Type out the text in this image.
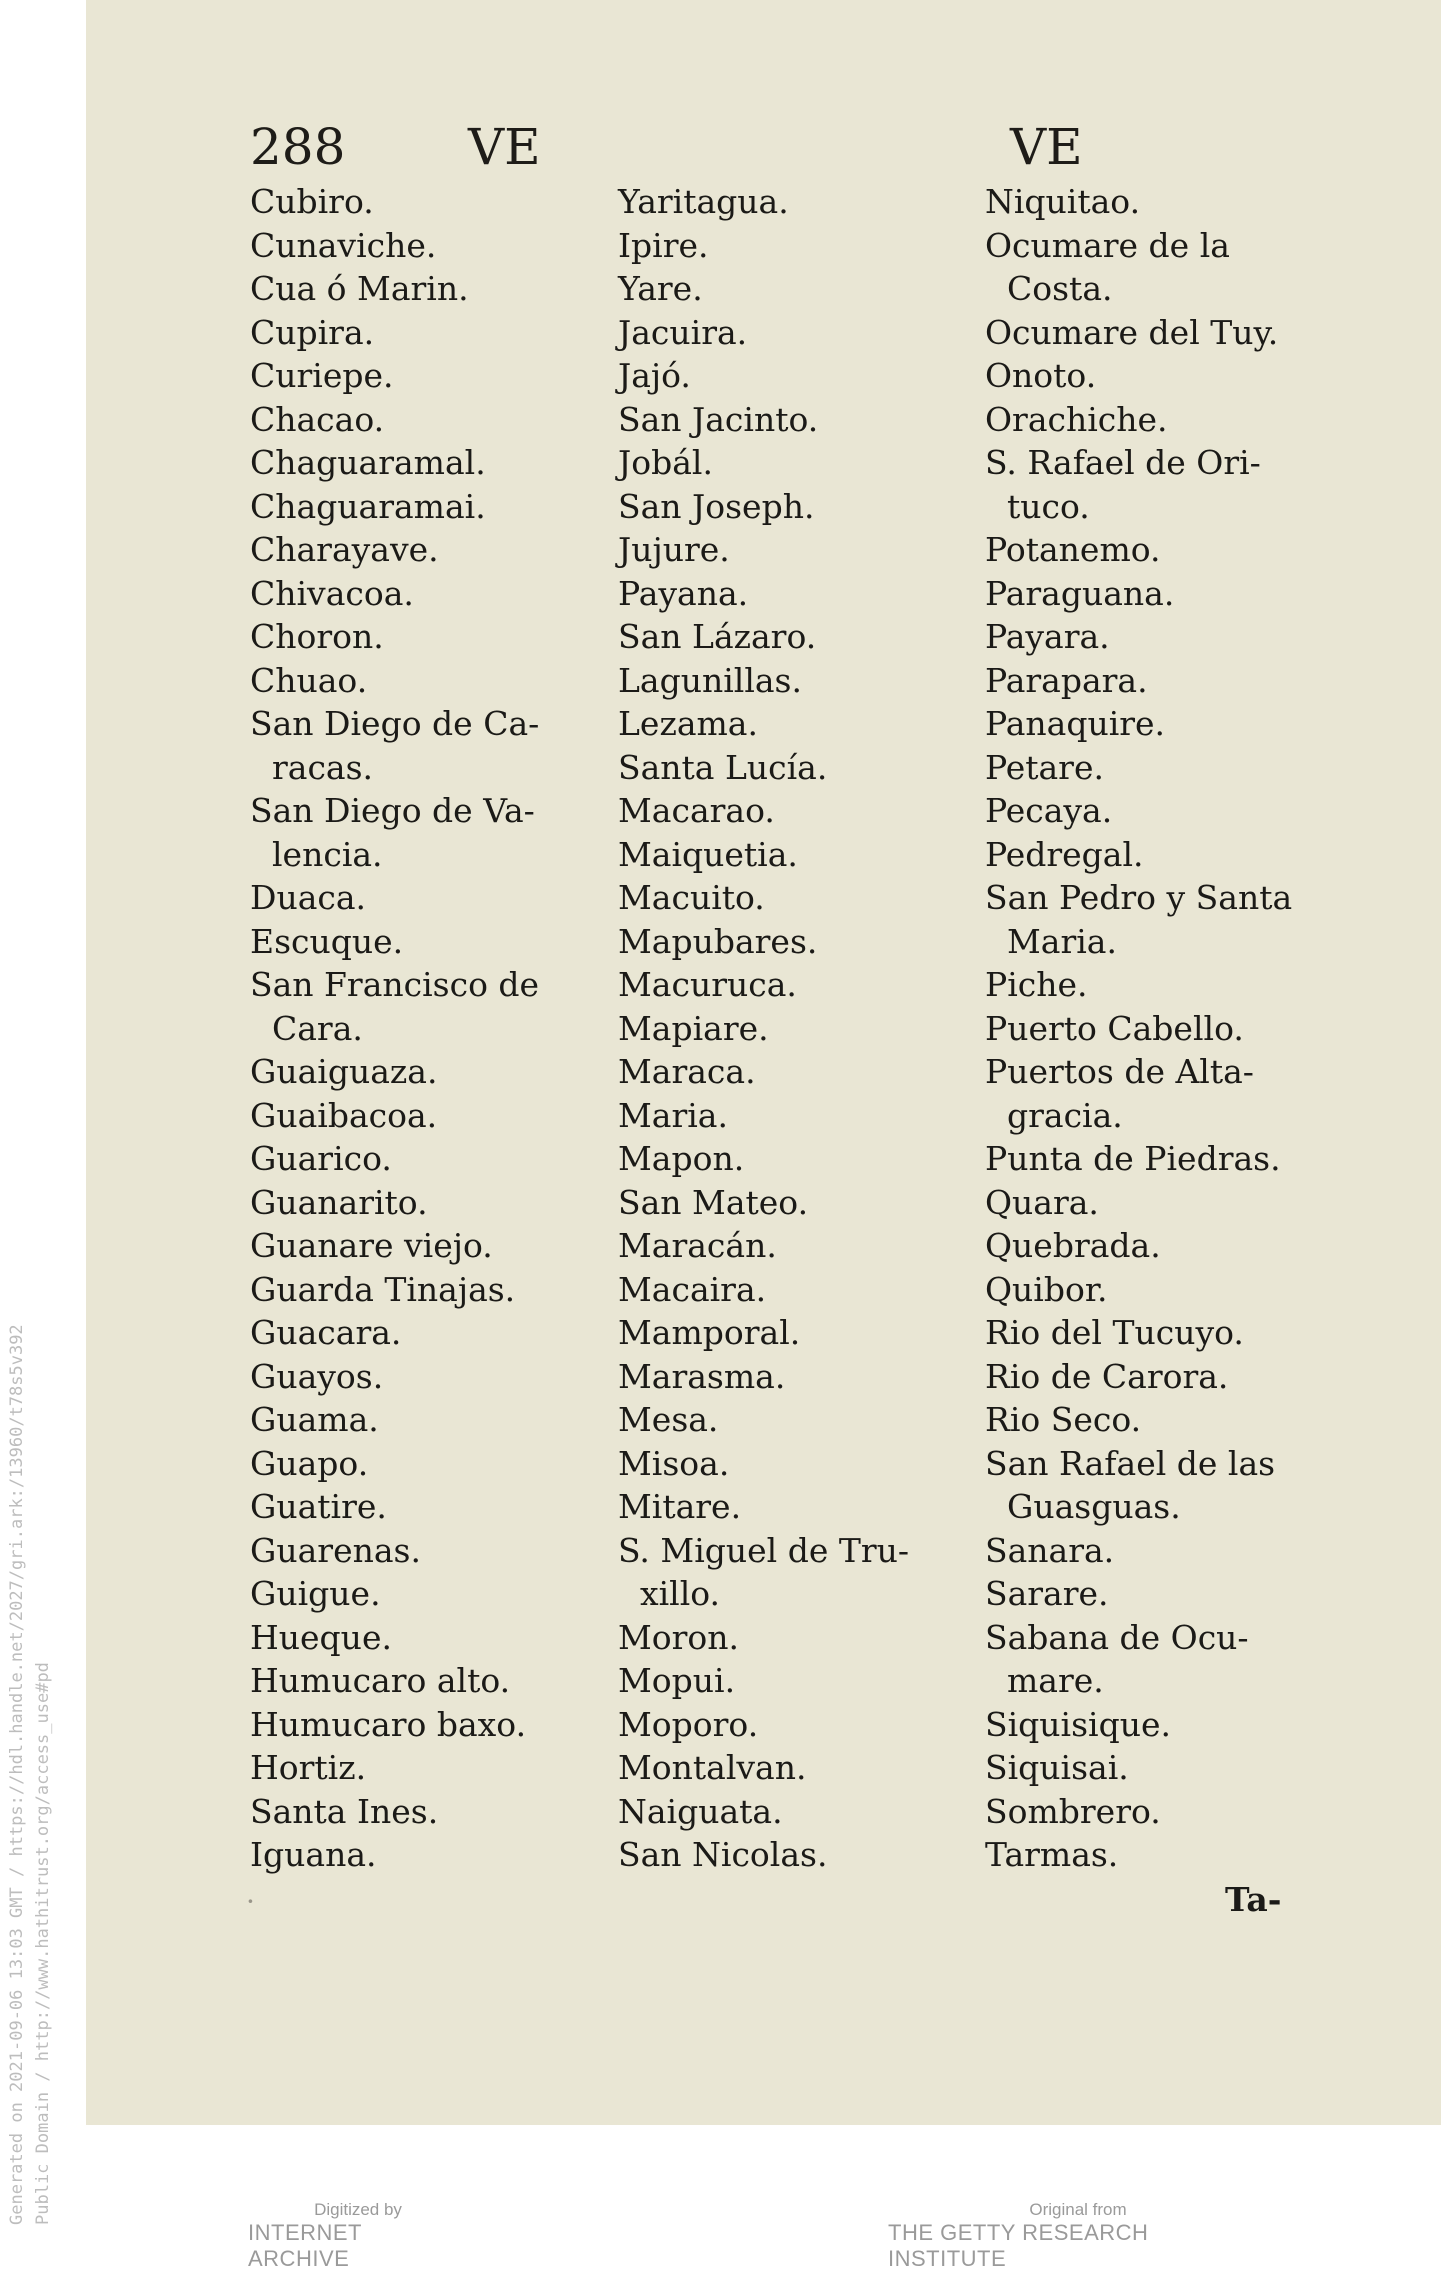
Generated on 2021-09-06 13:03 GMT / https://hdl.handle.net/2027/gri.ark:/13960/t78s5v392 Public Domain / http://www.hathitrust.org/access_use#pd
288 VE	VE
Cubiro.
Cunaviche.
Cua ó Marin.
Cupira.
Curiepe.
Chacao.
Chaguaramal.
Chaguaramai.
Charayave.
Chivacoa.
Choron.
Chuao.
San Diego de Ca-
racas.
San Diego de Va-
lencia.
Duaca.
Escuque.
San Francisco de
Cara.
Guaiguaza.
Guaibacoa.
Guarico.
Guanarito.
Guanare viejo.
Guarda Tinajas.
Guacara.
Guayos.
Guama.
Guapo.
Guatire.
Guarenas.
Guigue.
Hueque.
Humucaro alto.
Humucaro baxo.
Hortiz.
Santa Ines.
Iguana.
Yaritagua.
Ipire.
Yare.
Jacuira.
Jajó.
San Jacinto.
Jobál.
San Joseph.
Jujure.
Payana.
San Lázaro.
Lagunillas.
Lezama.
Santa Lucía.
Macarao.
Maiquetia.
Macuito.
Mapubares.
Macuruca.
Mapiare.
Maraca.
Maria.
Mapon.
San Mateo.
Maracán.
Macaira.
Mamporal.
Marasma.
Mesa.
Misoa.
Mitare.
S. Miguel de Tru-
xillo.
Moron.
Mopui.
Moporo.
Montalvan.
Naiguata.
San Nicolas.
Niquitao.
Ocumare de la
Costa.
Ocumare del Tuy.
Onoto.
Orachiche.
S. Rafael de Ori-
tuco.
Potanemo.
Paraguana.
Payara.
Parapara.
Panaquire.
Petare.
Pecaya.
Pedregal.
San Pedro y Santa
Maria.
Piche.
Puerto Cabello.
Puertos de Alta-
gracia.
Punta de Piedras.
Quara.
Quebrada.
Quibor.
Rio del Tucuyo.
Rio de Carora.
Rio Seco.
San Rafael de las
Guasguas.
Sanara.
Sarare.
Sabana de Ocu-
mare.
Siquisique.
Siquisai.
Sombrero.
Tarmas.
·	Ta-
Digitized by
INTERNET ARCHIVE
Original from
THE GETTY RESEARCH INSTITUTE
